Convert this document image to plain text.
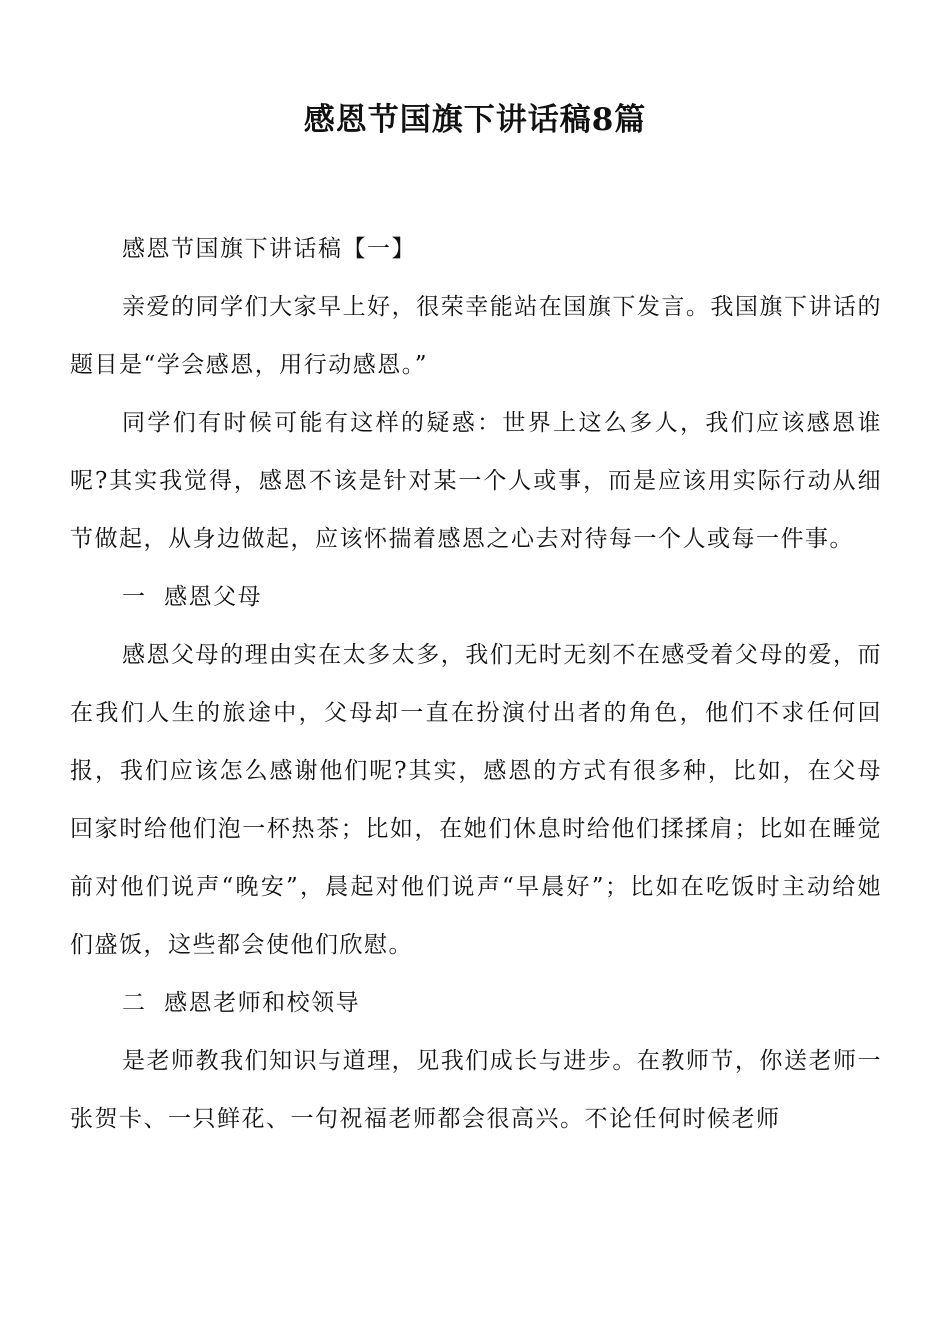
感恩节国旗下讲话稿8篇

感恩节国旗下讲话稿【一】

亲爱的同学们大家早上好，很荣幸能站在国旗下发言。我国旗下讲话的题目是“学会感恩，用行动感恩。”

同学们有时候可能有这样的疑惑：世界上这么多人，我们应该感恩谁呢?其实我觉得，感恩不该是针对某一个人或事，而是应该用实际行动从细节做起，从身边做起，应该怀揣着感恩之心去对待每一个人或每一件事。

一  感恩父母

感恩父母的理由实在太多太多，我们无时无刻不在感受着父母的爱，而在我们人生的旅途中，父母却一直在扮演付出者的角色，他们不求任何回报，我们应该怎么感谢他们呢?其实，感恩的方式有很多种，比如，在父母回家时给他们泡一杯热茶；比如，在她们休息时给他们揉揉肩；比如在睡觉前对他们说声“晚安”，晨起对他们说声“早晨好”；比如在吃饭时主动给她们盛饭，这些都会使他们欣慰。

二  感恩老师和校领导

是老师教我们知识与道理，见我们成长与进步。在教师节，你送老师一张贺卡、一只鲜花、一句祝福老师都会很高兴。不论任何时候老师
